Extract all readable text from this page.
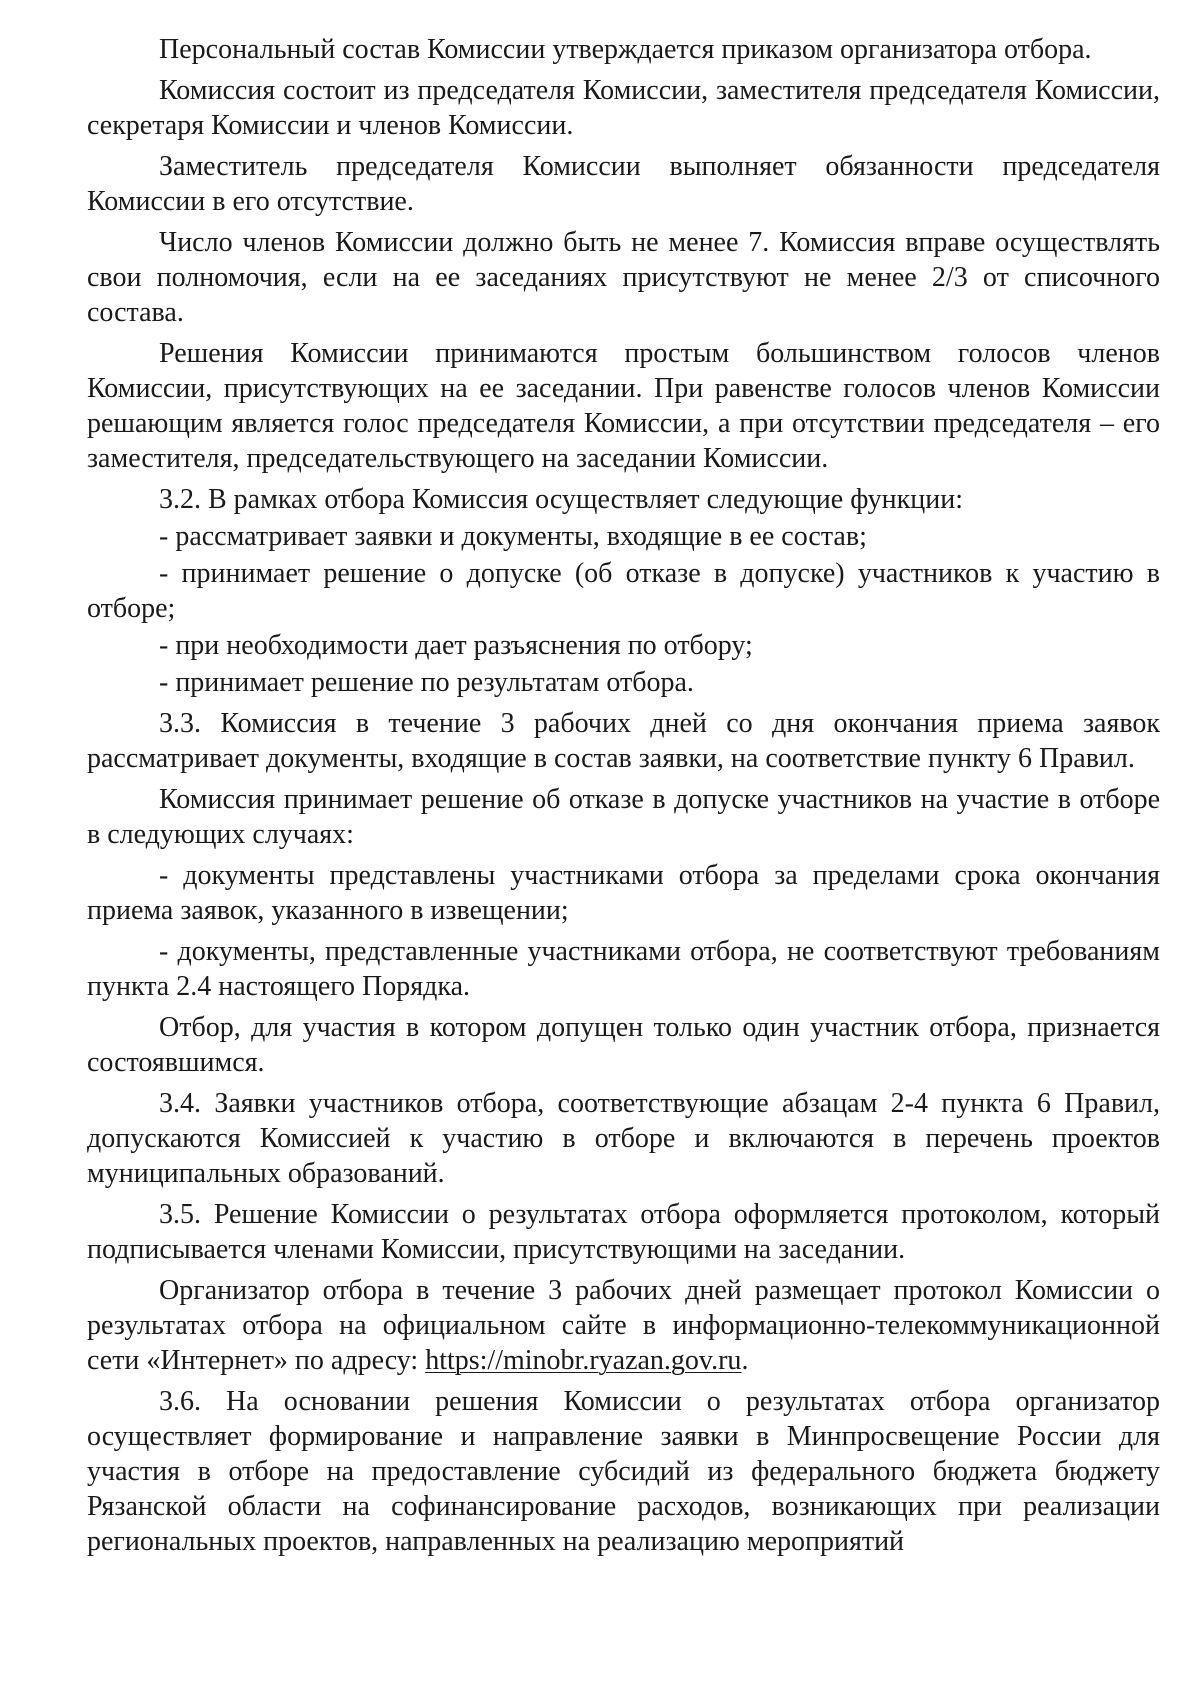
Персональный состав Комиссии утверждается приказом организатора отбора.

Комиссия состоит из председателя Комиссии, заместителя председателя Комиссии, секретаря Комиссии и членов Комиссии.

Заместитель председателя Комиссии выполняет обязанности председателя Комиссии в его отсутствие.

Число членов Комиссии должно быть не менее 7. Комиссия вправе осуществлять свои полномочия, если на ее заседаниях присутствуют не менее 2/3 от списочного состава.

Решения Комиссии принимаются простым большинством голосов членов Комиссии, присутствующих на ее заседании. При равенстве голосов членов Комиссии решающим является голос председателя Комиссии, а при отсутствии председателя – его заместителя, председательствующего на заседании Комиссии.

3.2. В рамках отбора Комиссия осуществляет следующие функции:

- рассматривает заявки и документы, входящие в ее состав;

- принимает решение о допуске (об отказе в допуске) участников к участию в отборе;

- при необходимости дает разъяснения по отбору;

- принимает решение по результатам отбора.

3.3. Комиссия в течение 3 рабочих дней со дня окончания приема заявок рассматривает документы, входящие в состав заявки, на соответствие пункту 6 Правил.

Комиссия принимает решение об отказе в допуске участников на участие в отборе в следующих случаях:

- документы представлены участниками отбора за пределами срока окончания приема заявок, указанного в извещении;

- документы, представленные участниками отбора, не соответствуют требованиям пункта 2.4 настоящего Порядка.

Отбор, для участия в котором допущен только один участник отбора, признается состоявшимся.

3.4. Заявки участников отбора, соответствующие абзацам 2-4 пункта 6 Правил, допускаются Комиссией к участию в отборе и включаются в перечень проектов муниципальных образований.

3.5. Решение Комиссии о результатах отбора оформляется протоколом, который подписывается членами Комиссии, присутствующими на заседании.

Организатор отбора в течение 3 рабочих дней размещает протокол Комиссии о результатах отбора на официальном сайте в информационно-телекоммуникационной сети «Интернет» по адресу: https://minobr.ryazan.gov.ru.

3.6. На основании решения Комиссии о результатах отбора организатор осуществляет формирование и направление заявки в Минпросвещение России для участия в отборе на предоставление субсидий из федерального бюджета бюджету Рязанской области на софинансирование расходов, возникающих при реализации региональных проектов, направленных на реализацию мероприятий
